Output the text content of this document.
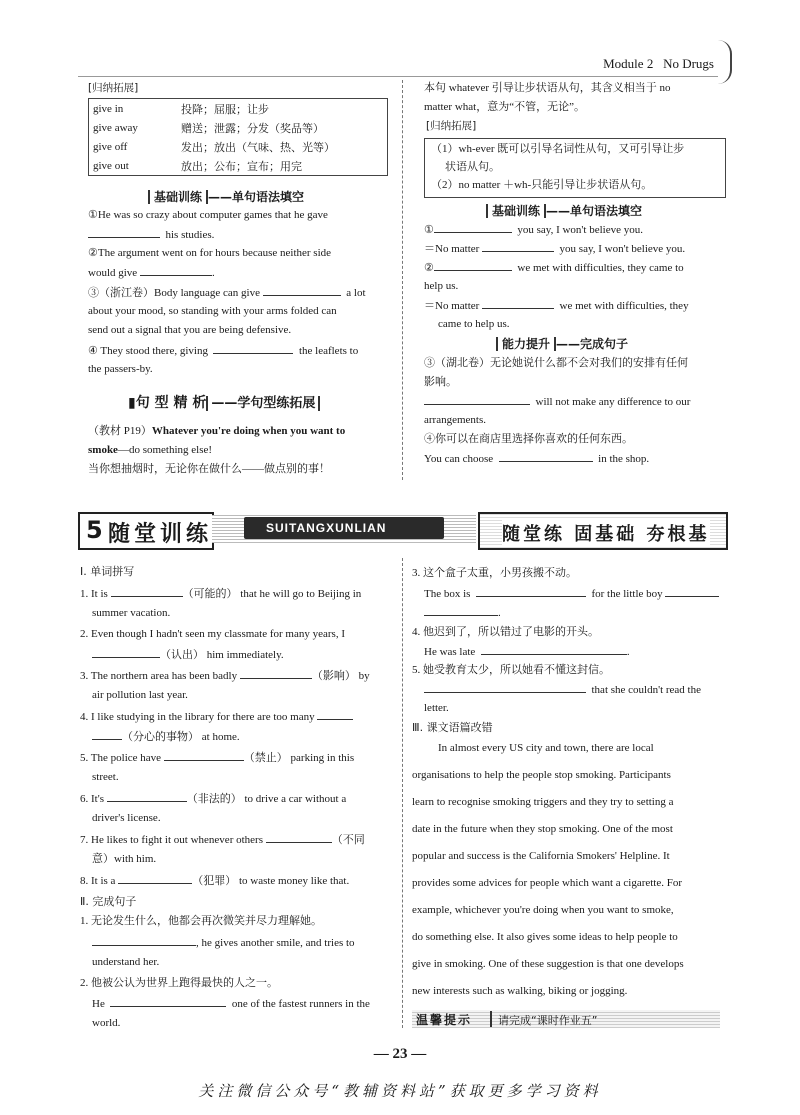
Module 2 No Drugs
[归纳拓展]
give in	投降；屈服；让步
give away	赠送；泄露；分发（奖品等）
give off	发出；放出（气味、热、光等）
give out	放出；公布；宣布；用完
基础训练 ——单句语法填空
①He was so crazy about computer games that he gave
his studies.
②The argument went on for hours because neither side
would give	.
③（浙江卷）Body language can give	a lot
about your mood, so standing with your arms folded can
send out a signal that you are being defensive.
④ They stood there, giving	the leaflets to
the passers-by.
▮句 型 精 析 ——学句型练拓展
（教材 P19）Whatever you're doing when you want to
smoke—do something else!
当你想抽烟时，无论你在做什么——做点别的事！
本句 whatever 引导让步状语从句，其含义相当于 no
matter what，意为“不管，无论”。
[归纳拓展]
（1）wh-ever 既可以引导名词性从句，又可引导让步
状语从句。
（2）no matter ＋wh-只能引导让步状语从句。
基础训练 ——单句语法填空
①	you say, I won't believe you.
＝No matter	you say, I won't believe you.
②	we met with difficulties, they came to
help us.
＝No matter	we met with difficulties, they
came to help us.
能力提升 ——完成句子
③（湖北卷）无论她说什么都不会对我们的安排有任何
影响。
will not make any difference to our
arrangements.
④你可以在商店里选择你喜欢的任何东西。
You can choose	in the shop.
5 随堂训练	SUITANGXUNLIAN	随堂练 固基础 夯根基
Ⅰ. 单词拼写
1. It is	（可能的） that he will go to Beijing in
summer vacation.
2. Even though I hadn't seen my classmate for many years, I
（认出） him immediately.
3. The northern area has been badly	（影响） by
air pollution last year.
4. I like studying in the library for there are too many
（分心的事物） at home.
5. The police have	（禁止） parking in this
street.
6. It's	（非法的） to drive a car without a
driver's license.
7. He likes to fight it out whenever others	（不同
意）with him.
8. It is a	（犯罪） to waste money like that.
Ⅱ. 完成句子
1. 无论发生什么，他都会再次微笑并尽力理解她。
, he gives another smile, and tries to
understand her.
2. 他被公认为世界上跑得最快的人之一。
He	one of the fastest runners in the
world.
3. 这个盒子太重，小男孩搬不动。
The box is	for the little boy
.
4. 他迟到了，所以错过了电影的开头。
He was late	.
5. 她受教育太少，所以她看不懂这封信。
that she couldn't read the
letter.
Ⅲ. 课文语篇改错
In almost every US city and town, there are local
organisations to help the people stop smoking. Participants
learn to recognise smoking triggers and they try to setting a
date in the future when they stop smoking. One of the most
popular and success is the California Smokers' Helpline. It
provides some advices for people which want a cigarette. For
example, whichever you're doing when you want to smoke,
do something else. It also gives some ideas to help people to
give in smoking. One of these suggestion is that one develops
new interests such as walking, biking or jogging.
温馨提示 请完成“课时作业五”
— 23 —
关注微信公众号“教辅资料站”获取更多学习资料
